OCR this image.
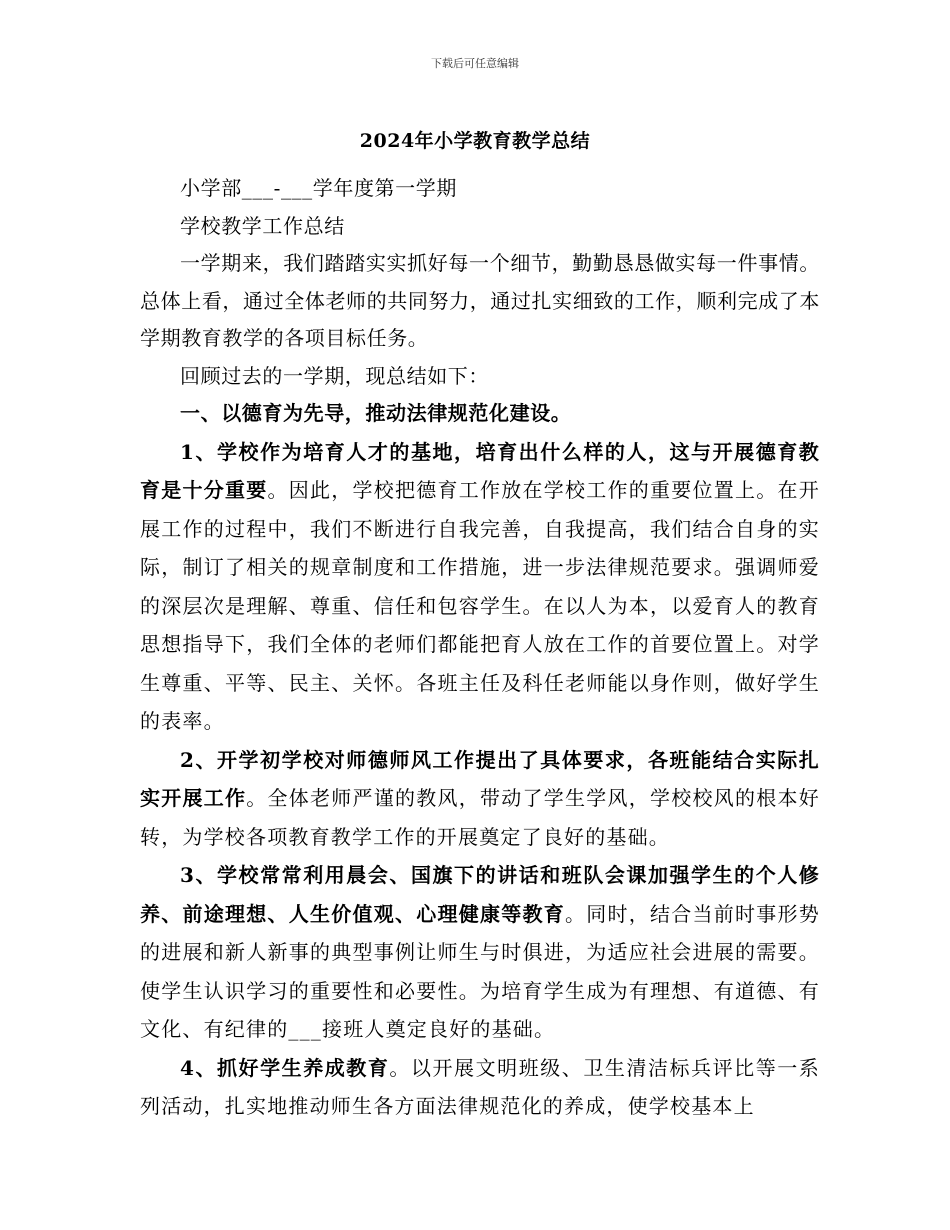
下载后可任意编辑
2024年小学教育教学总结

小学部___-___学年度第一学期

学校教学工作总结

一学期来，我们踏踏实实抓好每一个细节，勤勤恳恳做实每一件事情。总体上看，通过全体老师的共同努力，通过扎实细致的工作，顺利完成了本学期教育教学的各项目标任务。

回顾过去的一学期，现总结如下：

一、以德育为先导，推动法律规范化建设。

1、学校作为培育人才的基地，培育出什么样的人，这与开展德育教育是十分重要。因此，学校把德育工作放在学校工作的重要位置上。在开展工作的过程中，我们不断进行自我完善，自我提高，我们结合自身的实际，制订了相关的规章制度和工作措施，进一步法律规范要求。强调师爱的深层次是理解、尊重、信任和包容学生。在以人为本，以爱育人的教育思想指导下，我们全体的老师们都能把育人放在工作的首要位置上。对学生尊重、平等、民主、关怀。各班主任及科任老师能以身作则，做好学生的表率。

2、开学初学校对师德师风工作提出了具体要求，各班能结合实际扎实开展工作。全体老师严谨的教风，带动了学生学风，学校校风的根本好转，为学校各项教育教学工作的开展奠定了良好的基础。

3、学校常常利用晨会、国旗下的讲话和班队会课加强学生的个人修养、前途理想、人生价值观、心理健康等教育。同时，结合当前时事形势的进展和新人新事的典型事例让师生与时俱进，为适应社会进展的需要。使学生认识学习的重要性和必要性。为培育学生成为有理想、有道德、有文化、有纪律的___接班人奠定良好的基础。

4、抓好学生养成教育。以开展文明班级、卫生清洁标兵评比等一系列活动，扎实地推动师生各方面法律规范化的养成，使学校基本上
